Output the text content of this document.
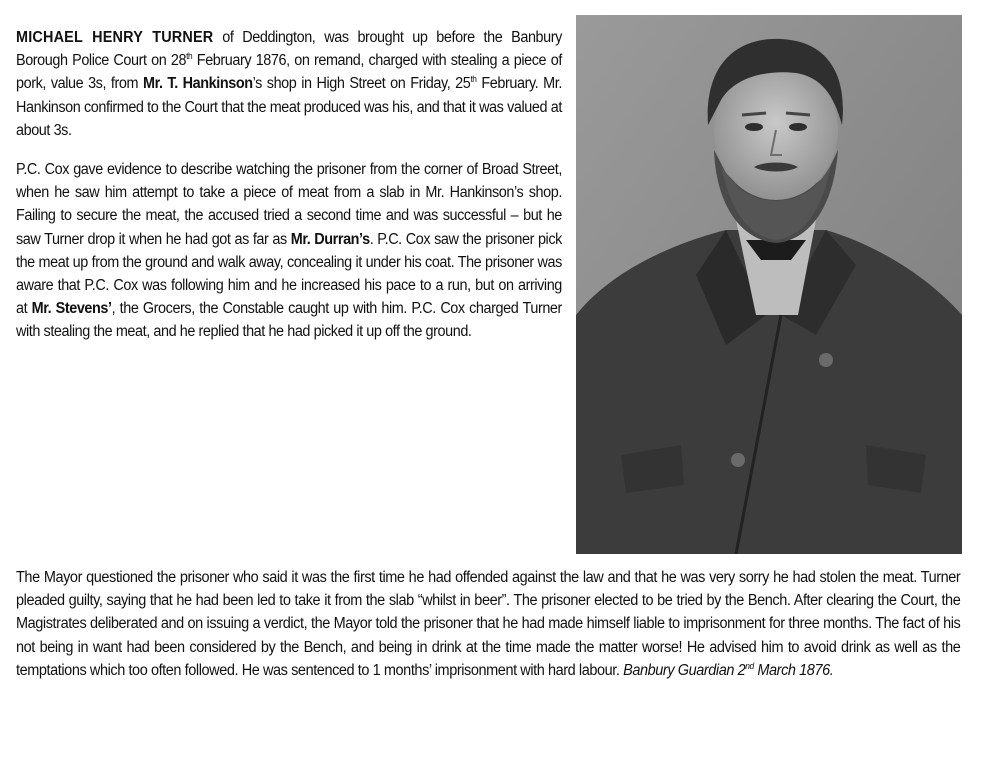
MICHAEL HENRY TURNER of Deddington, was brought up before the Banbury Borough Police Court on 28th February 1876, on remand, charged with stealing a piece of pork, value 3s, from Mr. T. Hankinson’s shop in High Street on Friday, 25th February. Mr. Hankinson confirmed to the Court that the meat produced was his, and that it was valued at about 3s.

P.C. Cox gave evidence to describe watching the prisoner from the corner of Broad Street, when he saw him attempt to take a piece of meat from a slab in Mr. Hankinson’s shop. Failing to secure the meat, the accused tried a second time and was successful – but he saw Turner drop it when he had got as far as Mr. Durran’s. P.C. Cox saw the prisoner pick the meat up from the ground and walk away, concealing it under his coat. The prisoner was aware that P.C. Cox was following him and he increased his pace to a run, but on arriving at Mr. Stevens’, the Grocers, the Constable caught up with him. P.C. Cox charged Turner with stealing the meat, and he replied that he had picked it up off the ground.

The Mayor questioned the prisoner who said it was the first time he had offended against the law and that he was very sorry he had stolen the meat. Turner pleaded guilty, saying that he had been led to take it from the slab “whilst in beer”. The prisoner elected to be tried by the Bench. After clearing the Court, the Magistrates deliberated and on issuing a verdict, the Mayor told the prisoner that he had made himself liable to imprisonment for three months. The fact of his not being in want had been considered by the Bench, and being in drink at the time made the matter worse! He advised him to avoid drink as well as the temptations which too often followed. He was sentenced to 1 months’ imprisonment with hard labour. Banbury Guardian 2nd March 1876.
